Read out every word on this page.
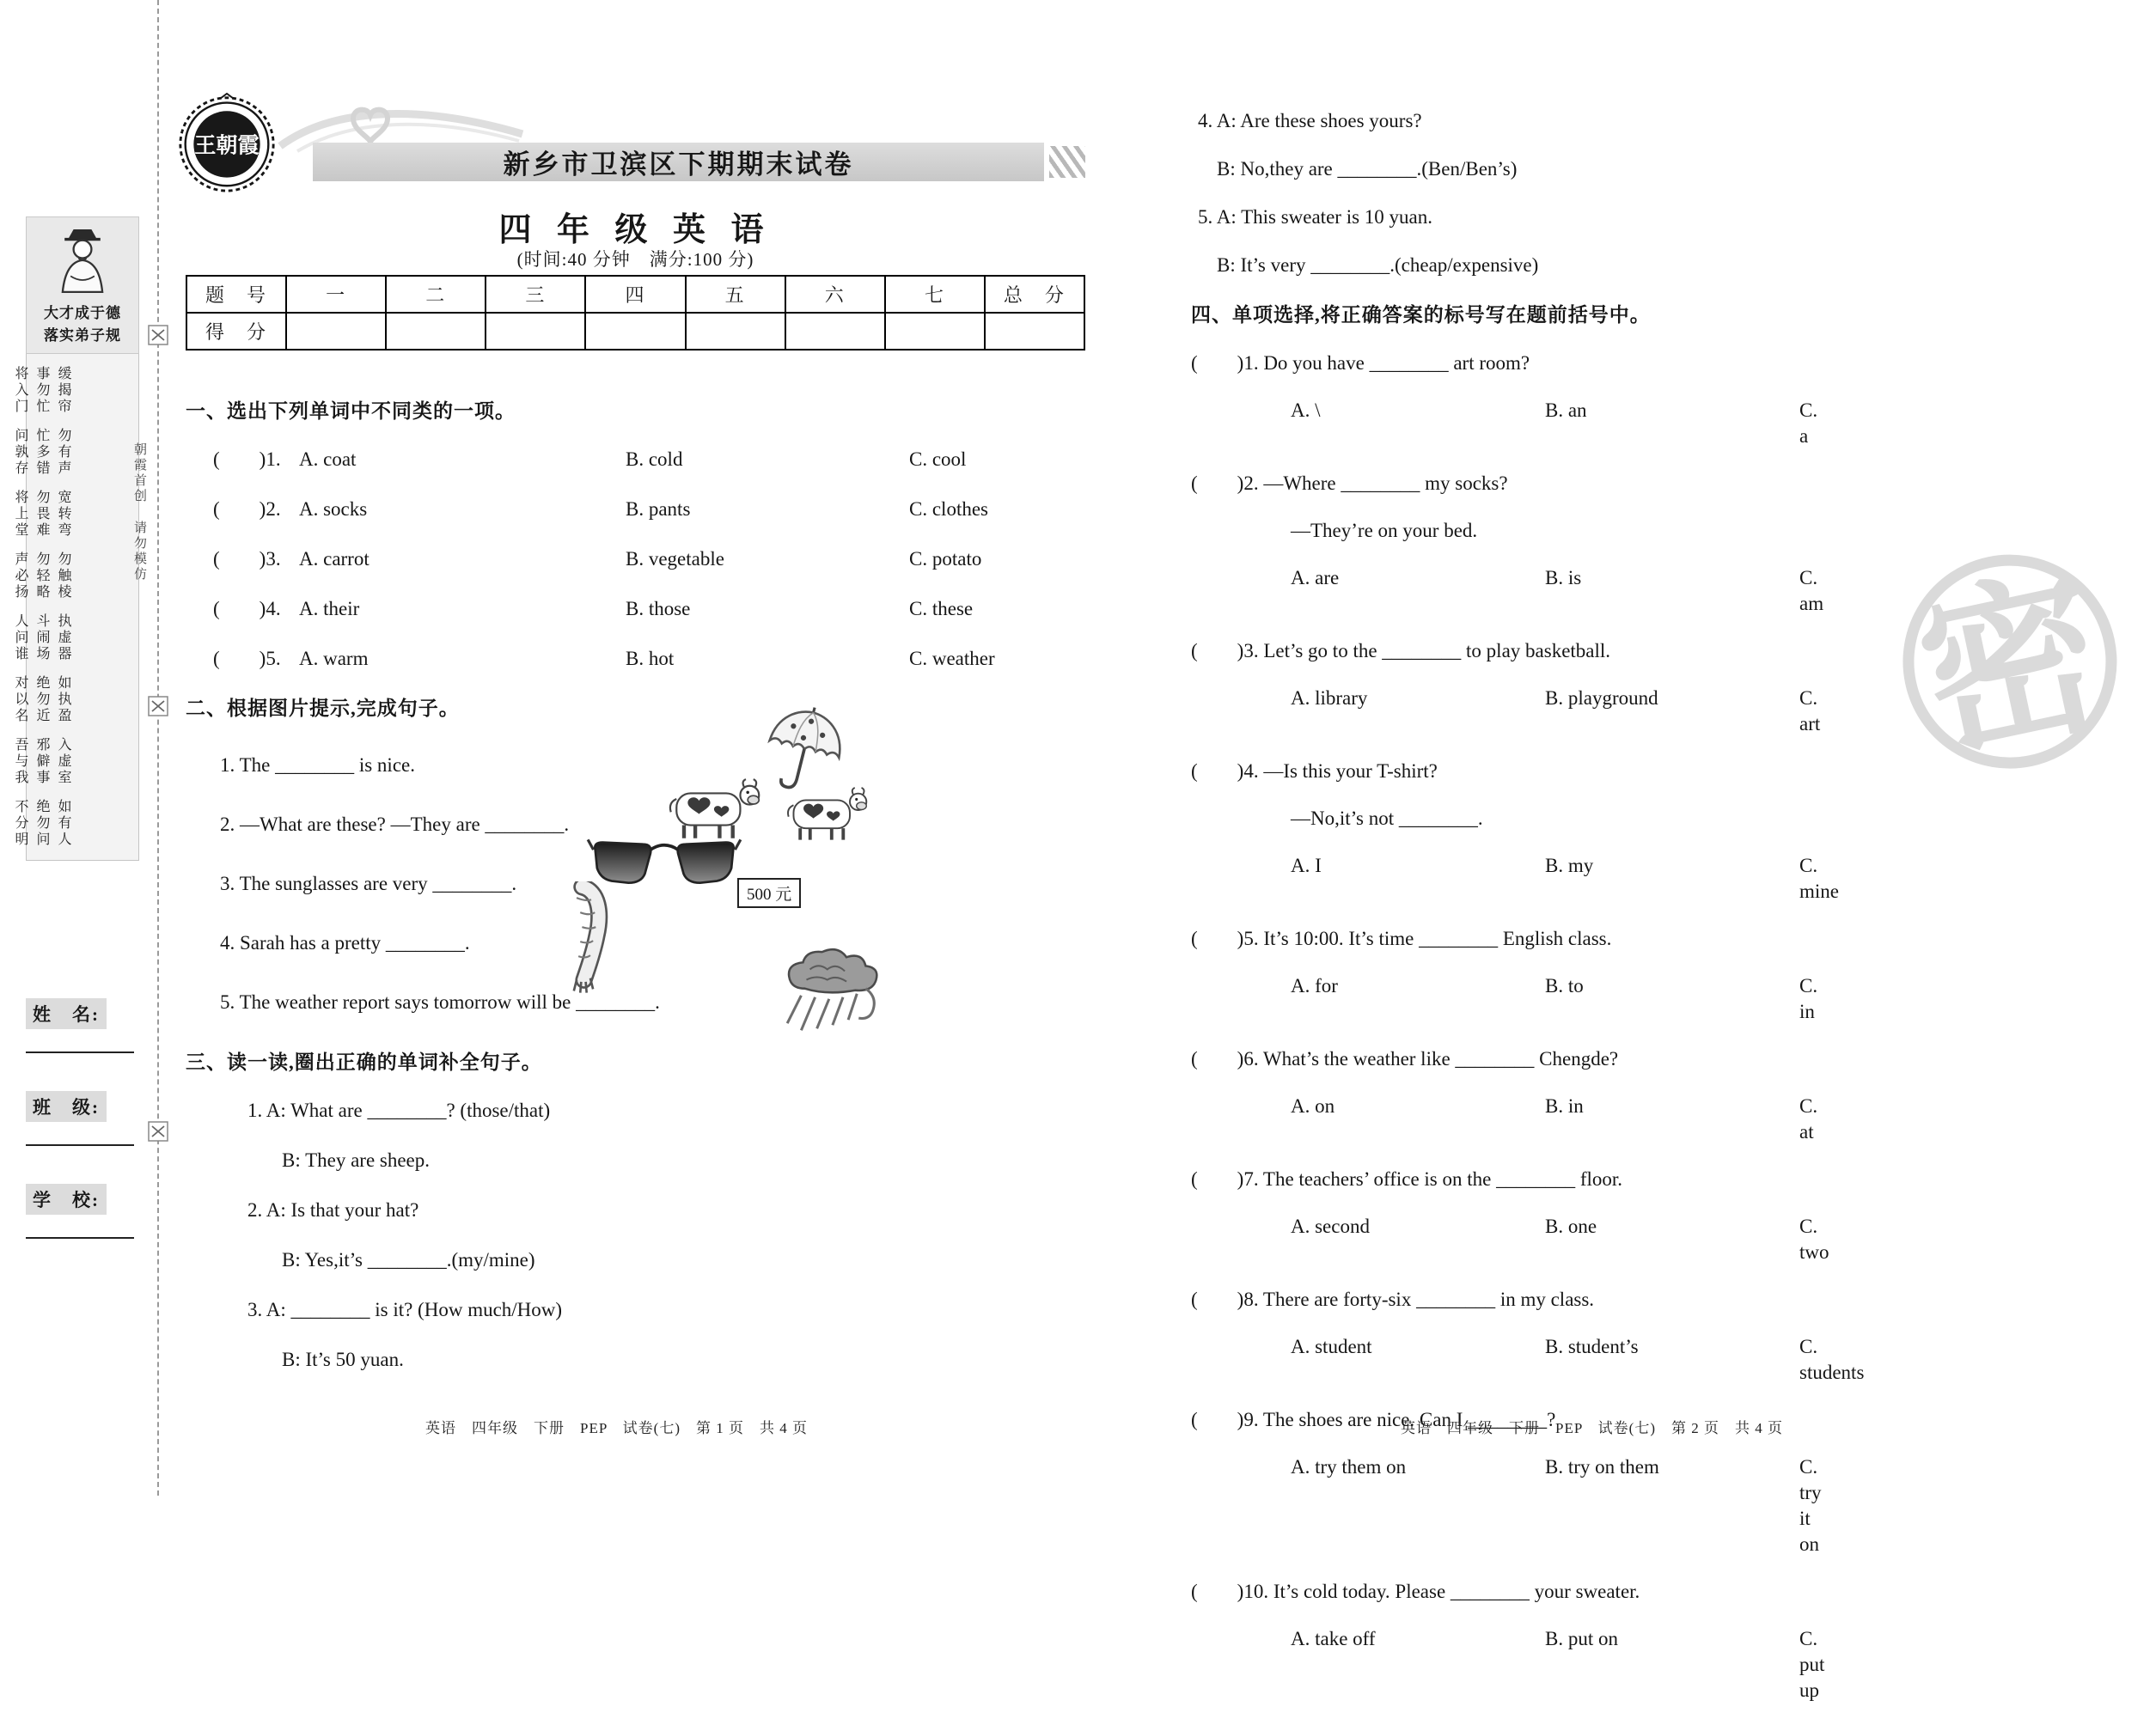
大才成于德
落实弟子规
将入门 事勿忙 缓揭帘
问孰存 忙多错 勿有声
将上堂 勿畏难 宽转弯
声必扬 勿轻略 勿触棱
人问谁 斗闹场 执虚器
对以名 绝勿近 如执盈
吾与我 邪僻事 入虚室
不分明 绝勿问 如有人
姓　名:
班　级:
学　校:
朝霞首创 请勿模仿
王朝霞
新乡市卫滨区下期期末试卷
四 年 级 英 语
(时间:40 分钟　满分:100 分)
题　号	一	二	三	四	五	六	七	总　分
得　分								
一、选出下列单词中不同类的一项。
(　　)1. A. coat	B. cold	C. cool
(　　)2. A. socks	B. pants	C. clothes
(　　)3. A. carrot	B. vegetable	C. potato
(　　)4. A. their	B. those	C. these
(　　)5. A. warm	B. hot	C. weather
二、根据图片提示,完成句子。
1. The ________ is nice.
2. —What are these? —They are ________.
3. The sunglasses are very ________.
4. Sarah has a pretty ________.
5. The weather report says tomorrow will be ________.
500 元
三、读一读,圈出正确的单词补全句子。
1. A: What are ________? (those/that)
B: They are sheep.
2. A: Is that your hat?
B: Yes,it’s ________.(my/mine)
3. A: ________ is it? (How much/How)
B: It’s 50 yuan.
4. A: Are these shoes yours?
B: No,they are ________.(Ben/Ben’s)
5. A: This sweater is 10 yuan.
B: It’s very ________.(cheap/expensive)
四、单项选择,将正确答案的标号写在题前括号中。
(　　)1. Do you have ________ art room?
A. \	B. an	C. a
(　　)2. —Where ________ my socks?
—They’re on your bed.
A. are	B. is	C. am
(　　)3. Let’s go to the ________ to play basketball.
A. library	B. playground	C. art
(　　)4. —Is this your T-shirt?
—No,it’s not ________.
A. I	B. my	C. mine
(　　)5. It’s 10:00. It’s time ________ English class.
A. for	B. to	C. in
(　　)6. What’s the weather like ________ Chengde?
A. on	B. in	C. at
(　　)7. The teachers’ office is on the ________ floor.
A. second	B. one	C. two
(　　)8. There are forty-six ________ in my class.
A. student	B. student’s	C. students
(　　)9. The shoes are nice. Can I ________?
A. try them on	B. try on them	C. try it on
(　　)10. It’s cold today. Please ________ your sweater.
A. take off	B. put on	C. put up
英语　四年级　下册　PEP　试卷(七)　第 1 页　共 4 页	英语　四年级　下册　PEP　试卷(七)　第 2 页　共 4 页
密
